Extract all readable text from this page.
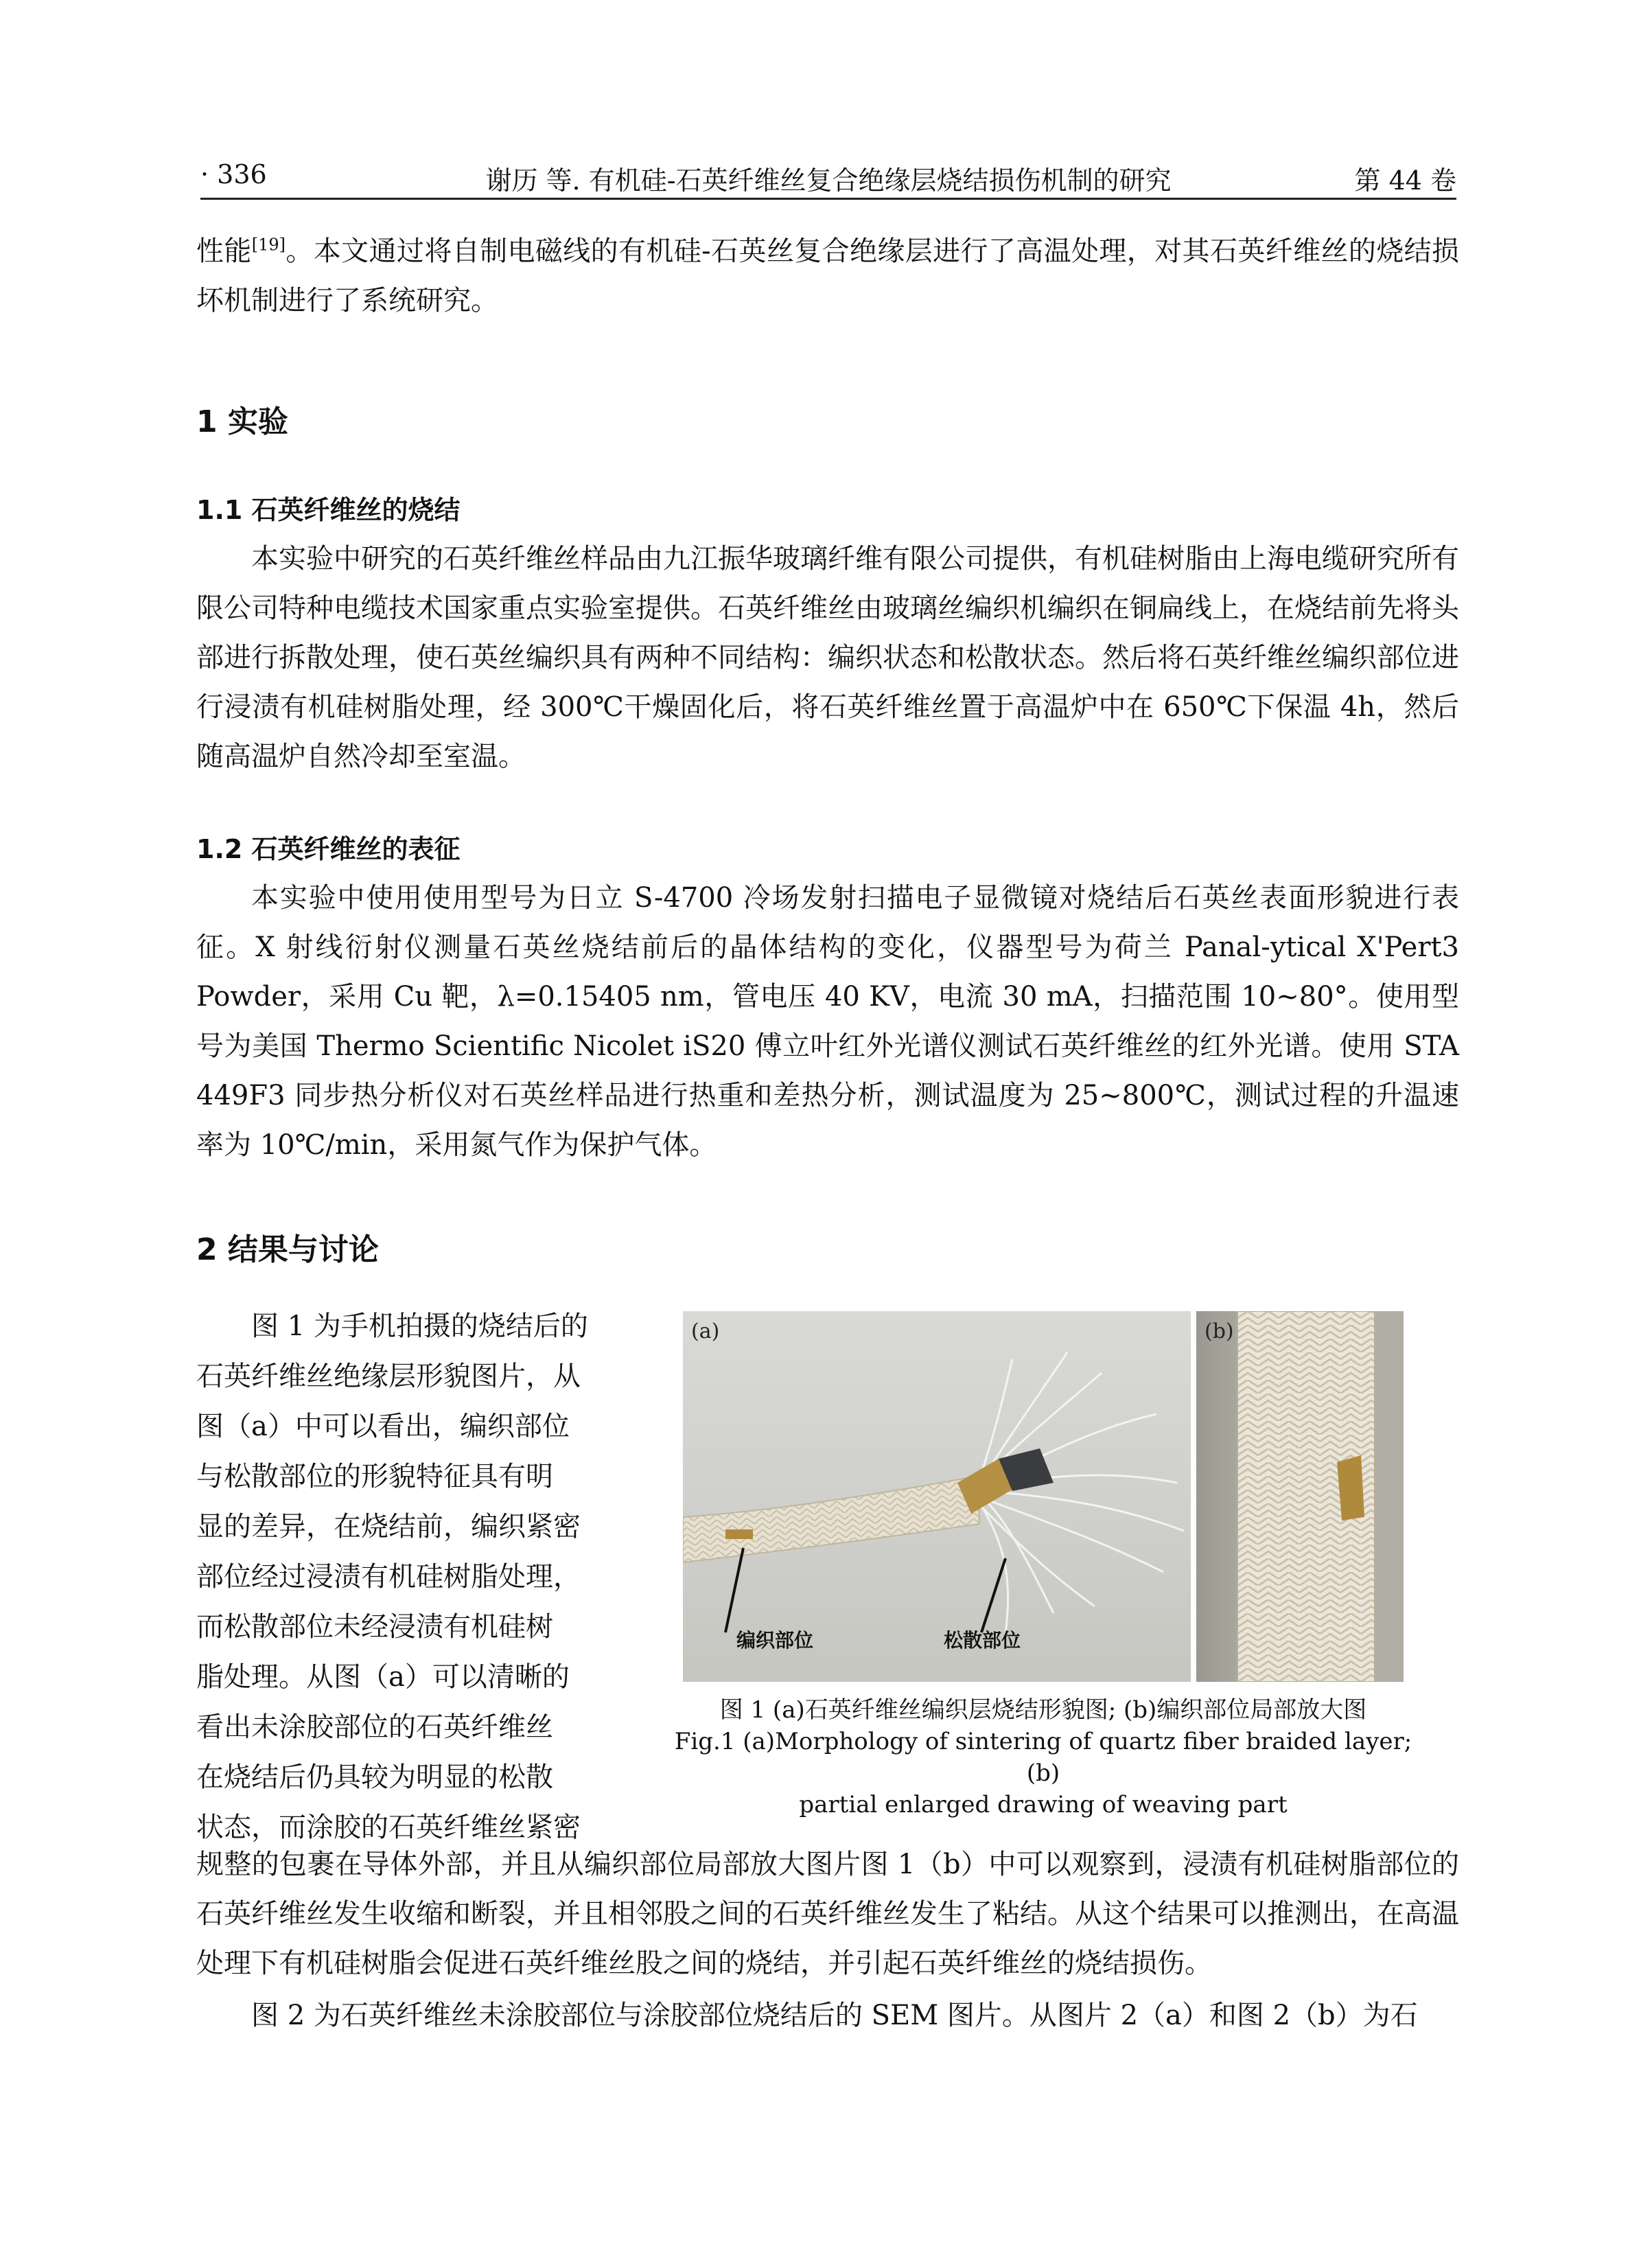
· 336	谢历 等. 有机硅-石英纤维丝复合绝缘层烧结损伤机制的研究	第 44 卷
性能[19]。本文通过将自制电磁线的有机硅-石英丝复合绝缘层进行了高温处理，对其石英纤维丝的烧结损坏机制进行了系统研究。
1 实验
1.1 石英纤维丝的烧结
本实验中研究的石英纤维丝样品由九江振华玻璃纤维有限公司提供，有机硅树脂由上海电缆研究所有限公司特种电缆技术国家重点实验室提供。石英纤维丝由玻璃丝编织机编织在铜扁线上，在烧结前先将头部进行拆散处理，使石英丝编织具有两种不同结构：编织状态和松散状态。然后将石英纤维丝编织部位进行浸渍有机硅树脂处理，经 300℃干燥固化后，将石英纤维丝置于高温炉中在 650℃下保温 4h，然后随高温炉自然冷却至室温。
1.2 石英纤维丝的表征
本实验中使用使用型号为日立 S-4700 冷场发射扫描电子显微镜对烧结后石英丝表面形貌进行表征。X 射线衍射仪测量石英丝烧结前后的晶体结构的变化，仪器型号为荷兰 Panal-ytical X'Pert3 Powder，采用 Cu 靶，λ=0.15405 nm，管电压 40 KV，电流 30 mA，扫描范围 10~80°。使用型号为美国 Thermo Scientific Nicolet iS20 傅立叶红外光谱仪测试石英纤维丝的红外光谱。使用 STA 449F3 同步热分析仪对石英丝样品进行热重和差热分析，测试温度为 25~800℃，测试过程的升温速率为 10℃/min，采用氮气作为保护气体。
2 结果与讨论
图 1 为手机拍摄的烧结后的
石英纤维丝绝缘层形貌图片，从
图（a）中可以看出，编织部位
与松散部位的形貌特征具有明
显的差异，在烧结前，编织紧密
部位经过浸渍有机硅树脂处理，
而松散部位未经浸渍有机硅树
脂处理。从图（a）可以清晰的
看出未涂胶部位的石英纤维丝
在烧结后仍具较为明显的松散
状态，而涂胶的石英纤维丝紧密
(a)
编织部位	松散部位
(b)
图 1 (a)石英纤维丝编织层烧结形貌图; (b)编织部位局部放大图
Fig.1 (a)Morphology of sintering of quartz fiber braided layer; (b)
partial enlarged drawing of weaving part
规整的包裹在导体外部，并且从编织部位局部放大图片图 1（b）中可以观察到，浸渍有机硅树脂部位的石英纤维丝发生收缩和断裂，并且相邻股之间的石英纤维丝发生了粘结。从这个结果可以推测出，在高温处理下有机硅树脂会促进石英纤维丝股之间的烧结，并引起石英纤维丝的烧结损伤。
图 2 为石英纤维丝未涂胶部位与涂胶部位烧结后的 SEM 图片。从图片 2（a）和图 2（b）为石
